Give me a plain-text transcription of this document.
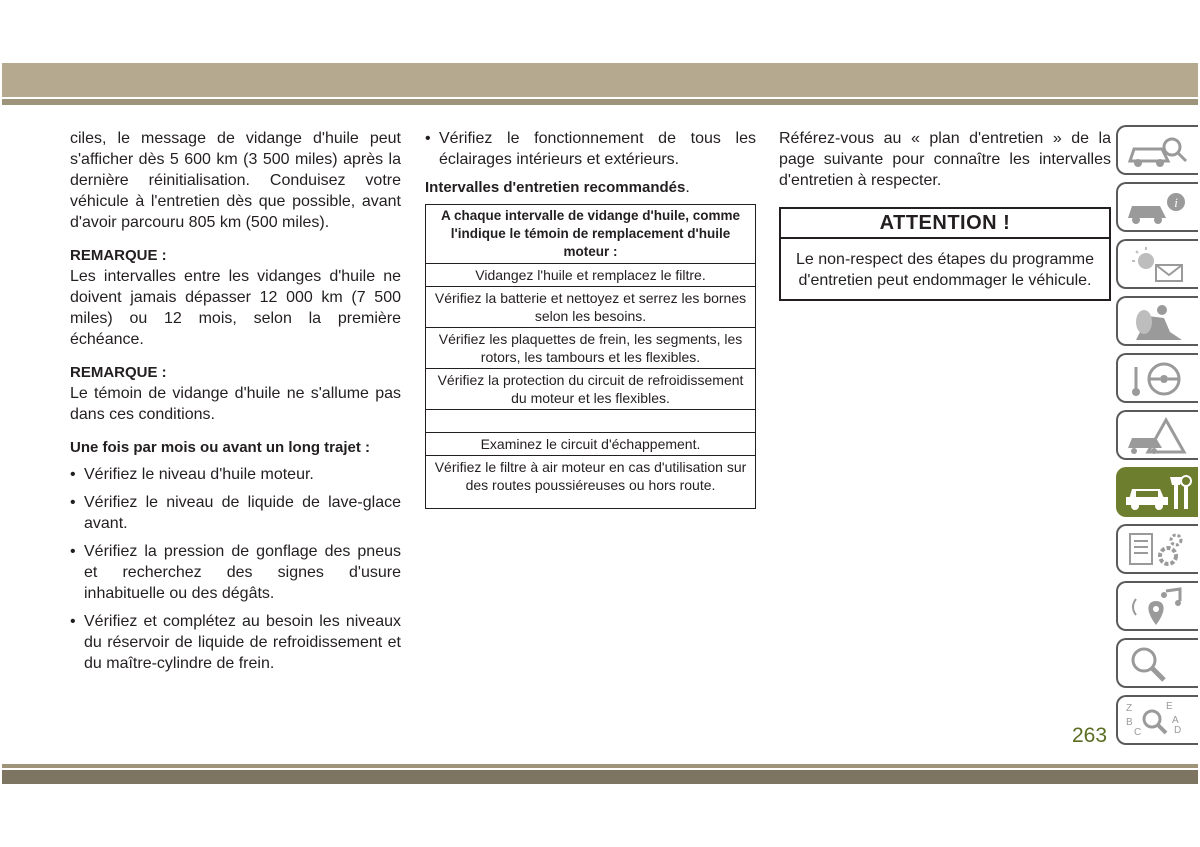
ciles, le message de vidange d'huile peut s'afficher dès 5 600 km (3 500 miles) après la dernière réinitialisation. Conduisez votre véhicule à l'entretien dès que possible, avant d'avoir parcouru 805 km (500 miles).

REMARQUE :

Les intervalles entre les vidanges d'huile ne doivent jamais dépasser 12 000 km (7 500 miles) ou 12 mois, selon la première échéance.

REMARQUE :

Le témoin de vidange d'huile ne s'allume pas dans ces conditions.

Une fois par mois ou avant un long trajet :

• Vérifiez le niveau d'huile moteur.
• Vérifiez le niveau de liquide de lave-glace avant.
• Vérifiez la pression de gonflage des pneus et recherchez des signes d'usure inhabituelle ou des dégâts.
• Vérifiez et complétez au besoin les niveaux du réservoir de liquide de refroidissement et du maître-cylindre de frein.
• Vérifiez le fonctionnement de tous les éclairages intérieurs et extérieurs.

Intervalles d'entretien recommandés.

A chaque intervalle de vidange d'huile, comme l'indique le témoin de remplacement d'huile moteur :
Vidangez l'huile et remplacez le filtre.
Vérifiez la batterie et nettoyez et serrez les bornes selon les besoins.
Vérifiez les plaquettes de frein, les segments, les rotors, les tambours et les flexibles.
Vérifiez la protection du circuit de refroidissement du moteur et les flexibles.

Examinez le circuit d'échappement.
Vérifiez le filtre à air moteur en cas d'utilisation sur des routes poussiéreuses ou hors route.

Référez-vous au « plan d'entretien » de la page suivante pour connaître les intervalles d'entretien à respecter.

ATTENTION !
Le non-respect des étapes du programme d'entretien peut endommager le véhicule.
i
Z	E
B	A
C	D
263
